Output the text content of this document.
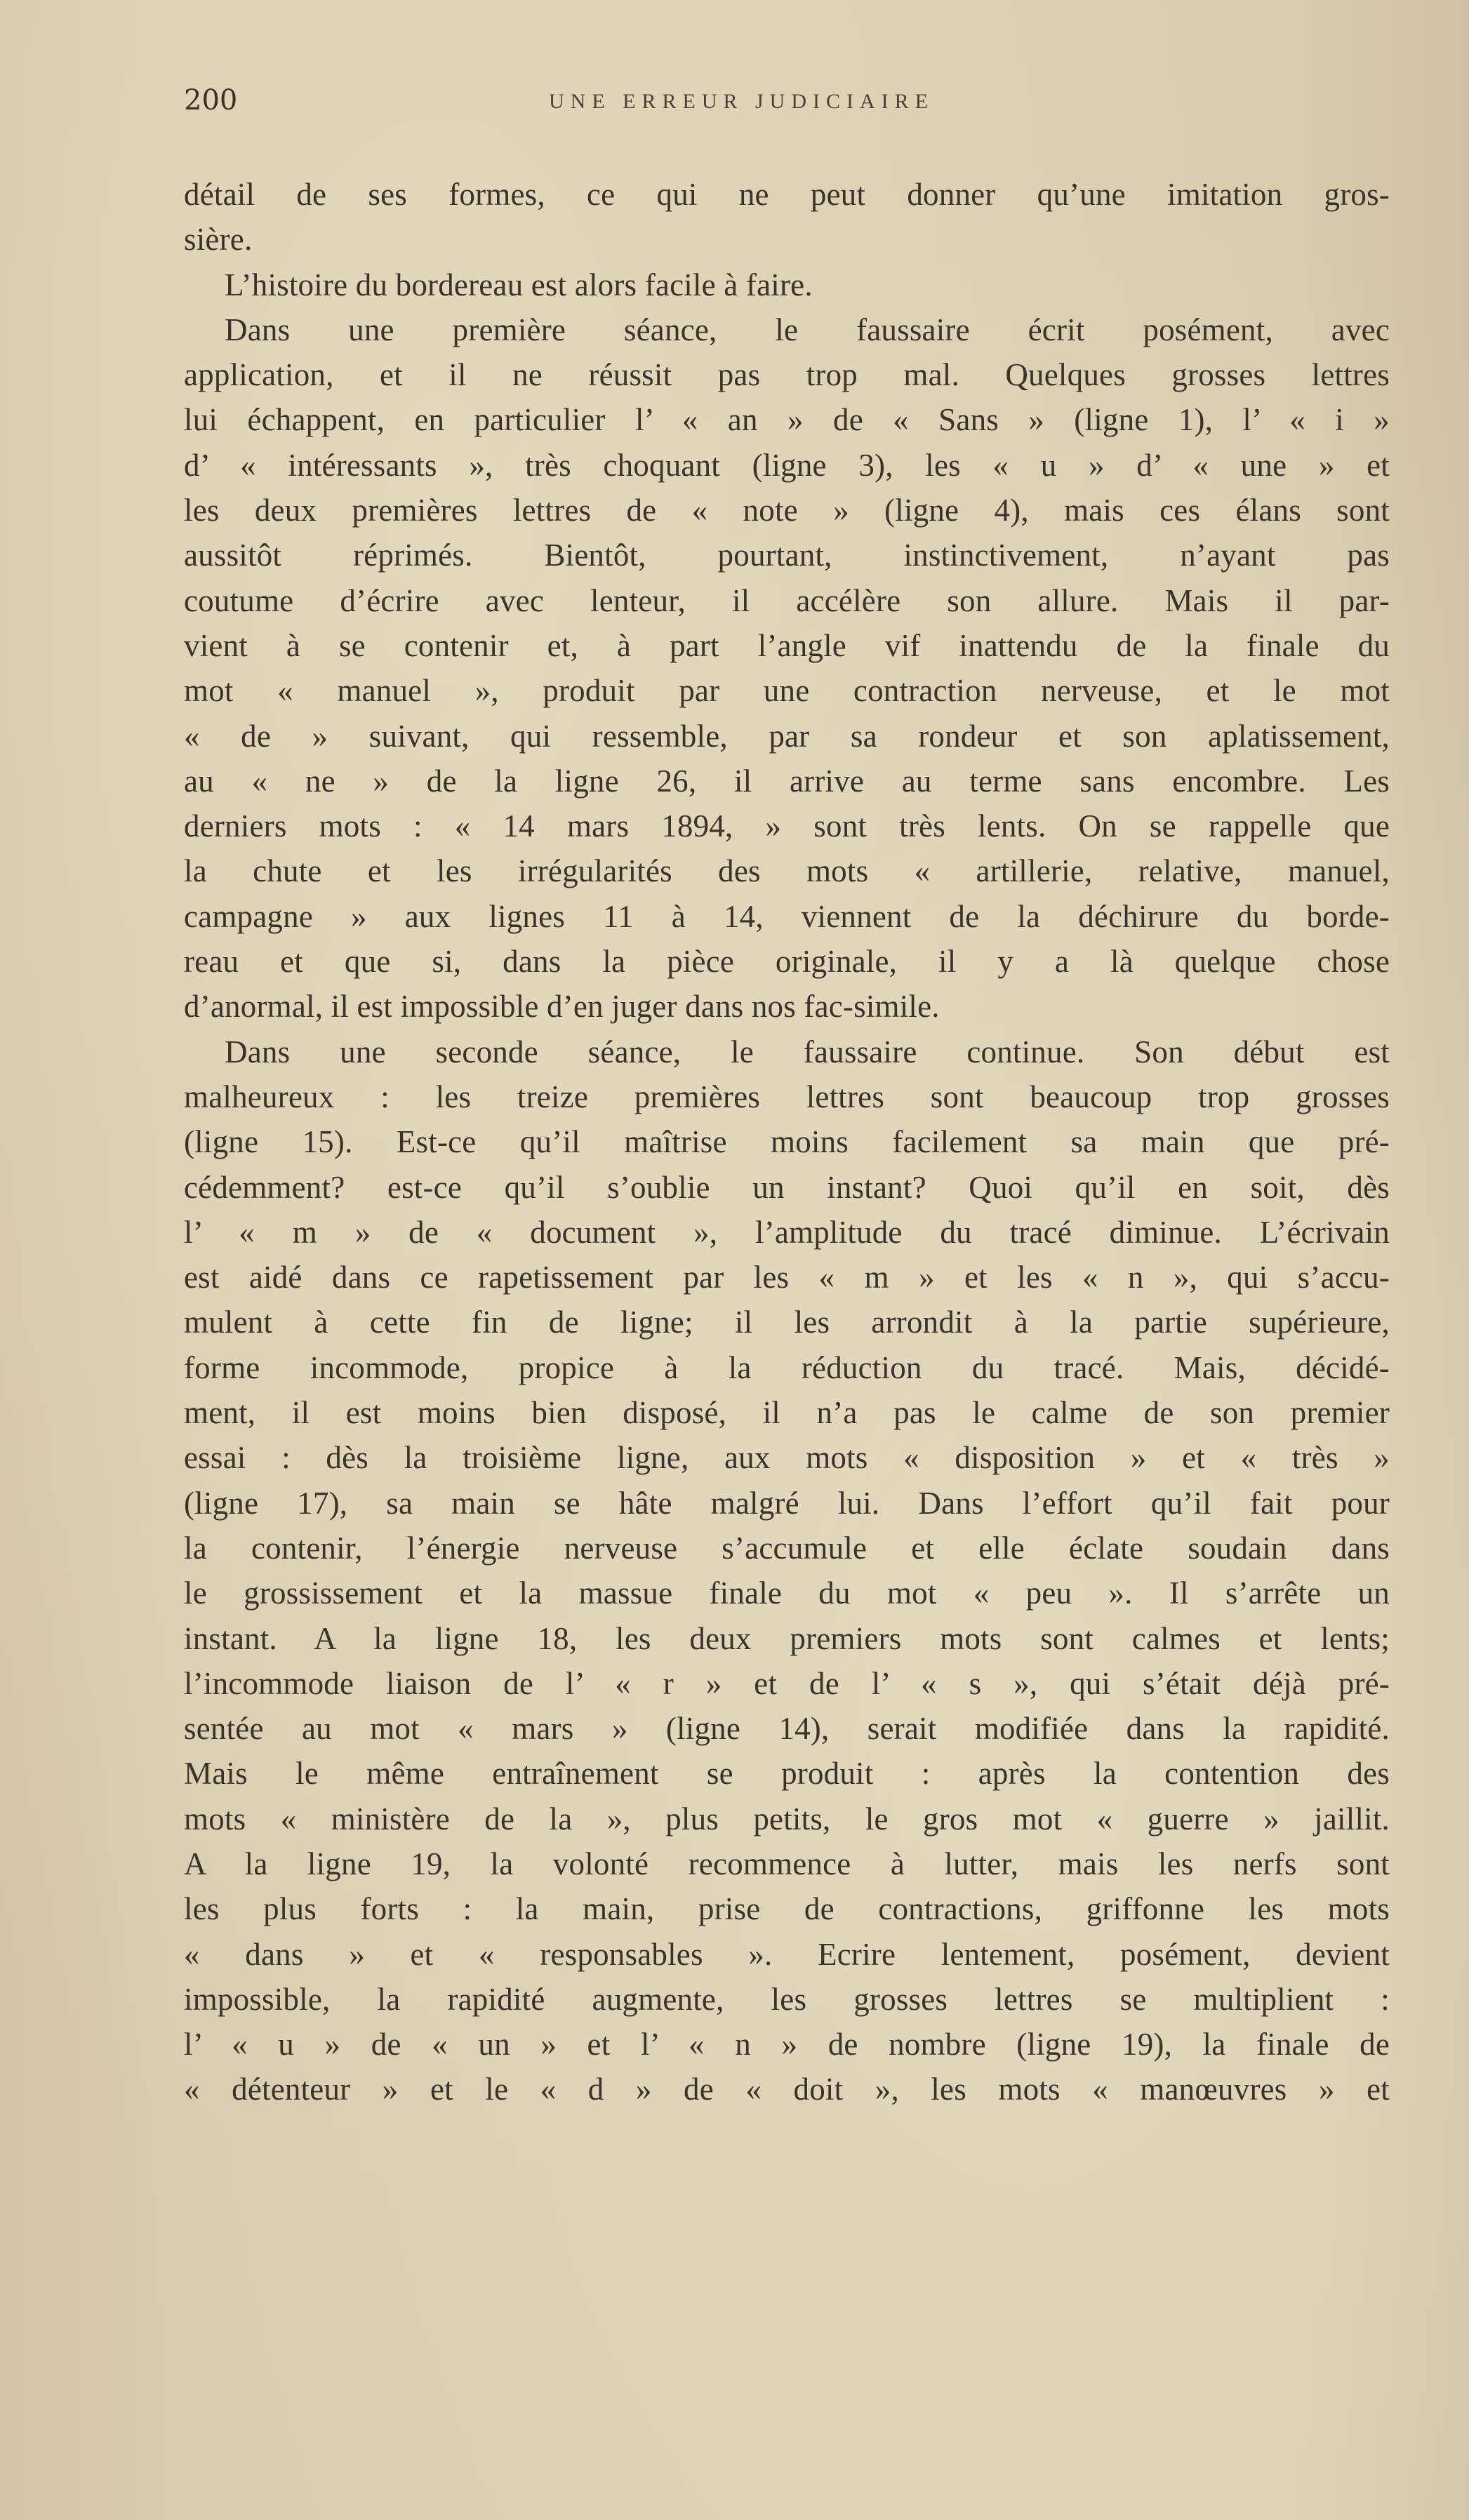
200	UNE ERREUR JUDICIAIRE
détail de ses formes, ce qui ne peut donner qu’une imitation gros-
sière.
L’histoire du bordereau est alors facile à faire.
Dans une première séance, le faussaire écrit posément, avec
application, et il ne réussit pas trop mal. Quelques grosses lettres
lui échappent, en particulier l’ « an » de « Sans » (ligne 1), l’ « i »
d’ « intéressants », très choquant (ligne 3), les « u » d’ « une » et
les deux premières lettres de « note » (ligne 4), mais ces élans sont
aussitôt réprimés. Bientôt, pourtant, instinctivement, n’ayant pas
coutume d’écrire avec lenteur, il accélère son allure. Mais il par-
vient à se contenir et, à part l’angle vif inattendu de la finale du
mot « manuel », produit par une contraction nerveuse, et le mot
« de » suivant, qui ressemble, par sa rondeur et son aplatissement,
au « ne » de la ligne 26, il arrive au terme sans encombre. Les
derniers mots : « 14 mars 1894, » sont très lents. On se rappelle que
la chute et les irrégularités des mots « artillerie, relative, manuel,
campagne » aux lignes 11 à 14, viennent de la déchirure du borde-
reau et que si, dans la pièce originale, il y a là quelque chose
d’anormal, il est impossible d’en juger dans nos fac-simile.
Dans une seconde séance, le faussaire continue. Son début est
malheureux : les treize premières lettres sont beaucoup trop grosses
(ligne 15). Est-ce qu’il maîtrise moins facilement sa main que pré-
cédemment? est-ce qu’il s’oublie un instant? Quoi qu’il en soit, dès
l’ « m » de « document », l’amplitude du tracé diminue. L’écrivain
est aidé dans ce rapetissement par les « m » et les « n », qui s’accu-
mulent à cette fin de ligne; il les arrondit à la partie supérieure,
forme incommode, propice à la réduction du tracé. Mais, décidé-
ment, il est moins bien disposé, il n’a pas le calme de son premier
essai : dès la troisième ligne, aux mots « disposition » et « très »
(ligne 17), sa main se hâte malgré lui. Dans l’effort qu’il fait pour
la contenir, l’énergie nerveuse s’accumule et elle éclate soudain dans
le grossissement et la massue finale du mot « peu ». Il s’arrête un
instant. A la ligne 18, les deux premiers mots sont calmes et lents;
l’incommode liaison de l’ « r » et de l’ « s », qui s’était déjà pré-
sentée au mot « mars » (ligne 14), serait modifiée dans la rapidité.
Mais le même entraînement se produit : après la contention des
mots « ministère de la », plus petits, le gros mot « guerre » jaillit.
A la ligne 19, la volonté recommence à lutter, mais les nerfs sont
les plus forts : la main, prise de contractions, griffonne les mots
« dans » et « responsables ». Ecrire lentement, posément, devient
impossible, la rapidité augmente, les grosses lettres se multiplient :
l’ « u » de « un » et l’ « n » de nombre (ligne 19), la finale de
« détenteur » et le « d » de « doit », les mots « manœuvres » et
